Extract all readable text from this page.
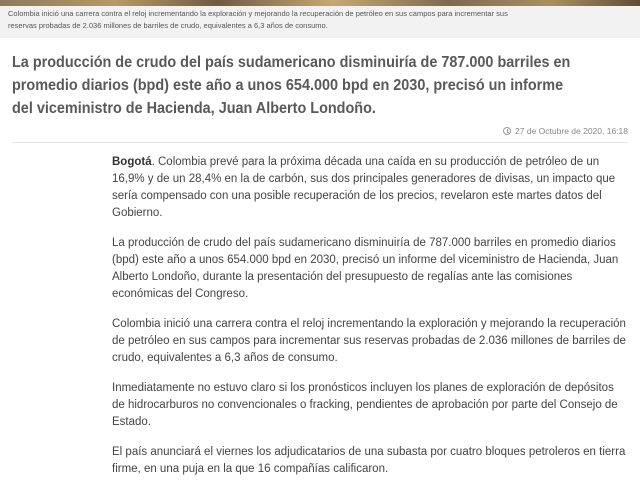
Colombia inició una carrera contra el reloj incrementando la exploración y mejorando la recuperación de petróleo en sus campos para incrementar sus
reservas probadas de 2.036 millones de barriles de crudo, equivalentes a 6,3 años de consumo.
La producción de crudo del país sudamericano disminuiría de 787.000 barriles en promedio diarios (bpd) este año a unos 654.000 bpd en 2030, precisó un informe del viceministro de Hacienda, Juan Alberto Londoño.
27 de Octubre de 2020, 16:18

Bogotá. Colombia prevé para la próxima década una caída en su producción de petróleo de un 16,9% y de un 28,4% en la de carbón, sus dos principales generadores de divisas, un impacto que sería compensado con una posible recuperación de los precios, revelaron este martes datos del Gobierno.

La producción de crudo del país sudamericano disminuiría de 787.000 barriles en promedio diarios (bpd) este año a unos 654.000 bpd en 2030, precisó un informe del viceministro de Hacienda, Juan Alberto Londoño, durante la presentación del presupuesto de regalías ante las comisiones económicas del Congreso.

Colombia inició una carrera contra el reloj incrementando la exploración y mejorando la recuperación de petróleo en sus campos para incrementar sus reservas probadas de 2.036 millones de barriles de crudo, equivalentes a 6,3 años de consumo.

Inmediatamente no estuvo claro si los pronósticos incluyen los planes de exploración de depósitos de hidrocarburos no convencionales o fracking, pendientes de aprobación por parte del Consejo de Estado.

El país anunciará el viernes los adjudicatarios de una subasta por cuatro bloques petroleros en tierra firme, en una puja en la que 16 compañías calificaron.
